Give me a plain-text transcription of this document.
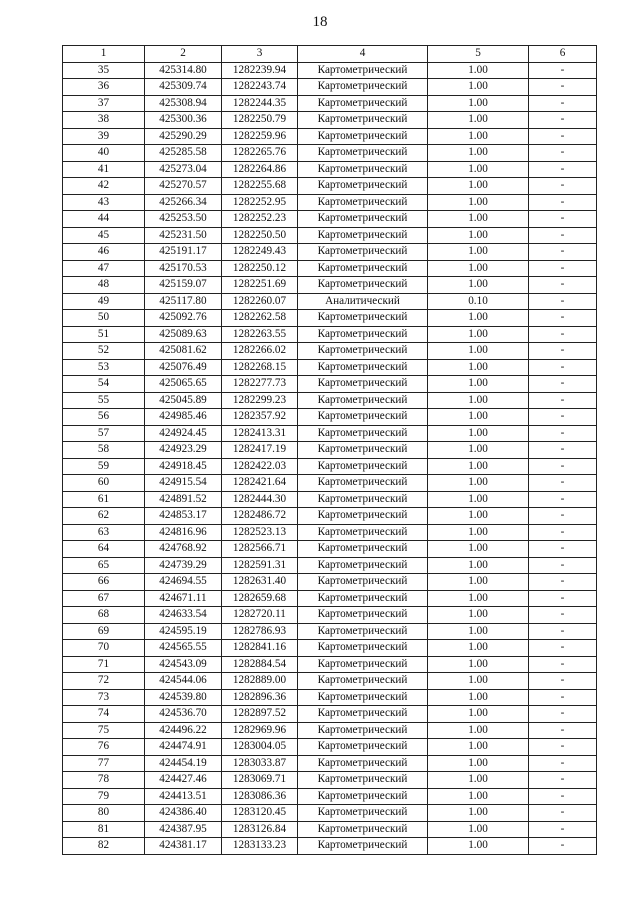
18
1	2	3	4	5	6
35	425314.80	1282239.94	Картометрический	1.00	-
36	425309.74	1282243.74	Картометрический	1.00	-
37	425308.94	1282244.35	Картометрический	1.00	-
38	425300.36	1282250.79	Картометрический	1.00	-
39	425290.29	1282259.96	Картометрический	1.00	-
40	425285.58	1282265.76	Картометрический	1.00	-
41	425273.04	1282264.86	Картометрический	1.00	-
42	425270.57	1282255.68	Картометрический	1.00	-
43	425266.34	1282252.95	Картометрический	1.00	-
44	425253.50	1282252.23	Картометрический	1.00	-
45	425231.50	1282250.50	Картометрический	1.00	-
46	425191.17	1282249.43	Картометрический	1.00	-
47	425170.53	1282250.12	Картометрический	1.00	-
48	425159.07	1282251.69	Картометрический	1.00	-
49	425117.80	1282260.07	Аналитический	0.10	-
50	425092.76	1282262.58	Картометрический	1.00	-
51	425089.63	1282263.55	Картометрический	1.00	-
52	425081.62	1282266.02	Картометрический	1.00	-
53	425076.49	1282268.15	Картометрический	1.00	-
54	425065.65	1282277.73	Картометрический	1.00	-
55	425045.89	1282299.23	Картометрический	1.00	-
56	424985.46	1282357.92	Картометрический	1.00	-
57	424924.45	1282413.31	Картометрический	1.00	-
58	424923.29	1282417.19	Картометрический	1.00	-
59	424918.45	1282422.03	Картометрический	1.00	-
60	424915.54	1282421.64	Картометрический	1.00	-
61	424891.52	1282444.30	Картометрический	1.00	-
62	424853.17	1282486.72	Картометрический	1.00	-
63	424816.96	1282523.13	Картометрический	1.00	-
64	424768.92	1282566.71	Картометрический	1.00	-
65	424739.29	1282591.31	Картометрический	1.00	-
66	424694.55	1282631.40	Картометрический	1.00	-
67	424671.11	1282659.68	Картометрический	1.00	-
68	424633.54	1282720.11	Картометрический	1.00	-
69	424595.19	1282786.93	Картометрический	1.00	-
70	424565.55	1282841.16	Картометрический	1.00	-
71	424543.09	1282884.54	Картометрический	1.00	-
72	424544.06	1282889.00	Картометрический	1.00	-
73	424539.80	1282896.36	Картометрический	1.00	-
74	424536.70	1282897.52	Картометрический	1.00	-
75	424496.22	1282969.96	Картометрический	1.00	-
76	424474.91	1283004.05	Картометрический	1.00	-
77	424454.19	1283033.87	Картометрический	1.00	-
78	424427.46	1283069.71	Картометрический	1.00	-
79	424413.51	1283086.36	Картометрический	1.00	-
80	424386.40	1283120.45	Картометрический	1.00	-
81	424387.95	1283126.84	Картометрический	1.00	-
82	424381.17	1283133.23	Картометрический	1.00	-
